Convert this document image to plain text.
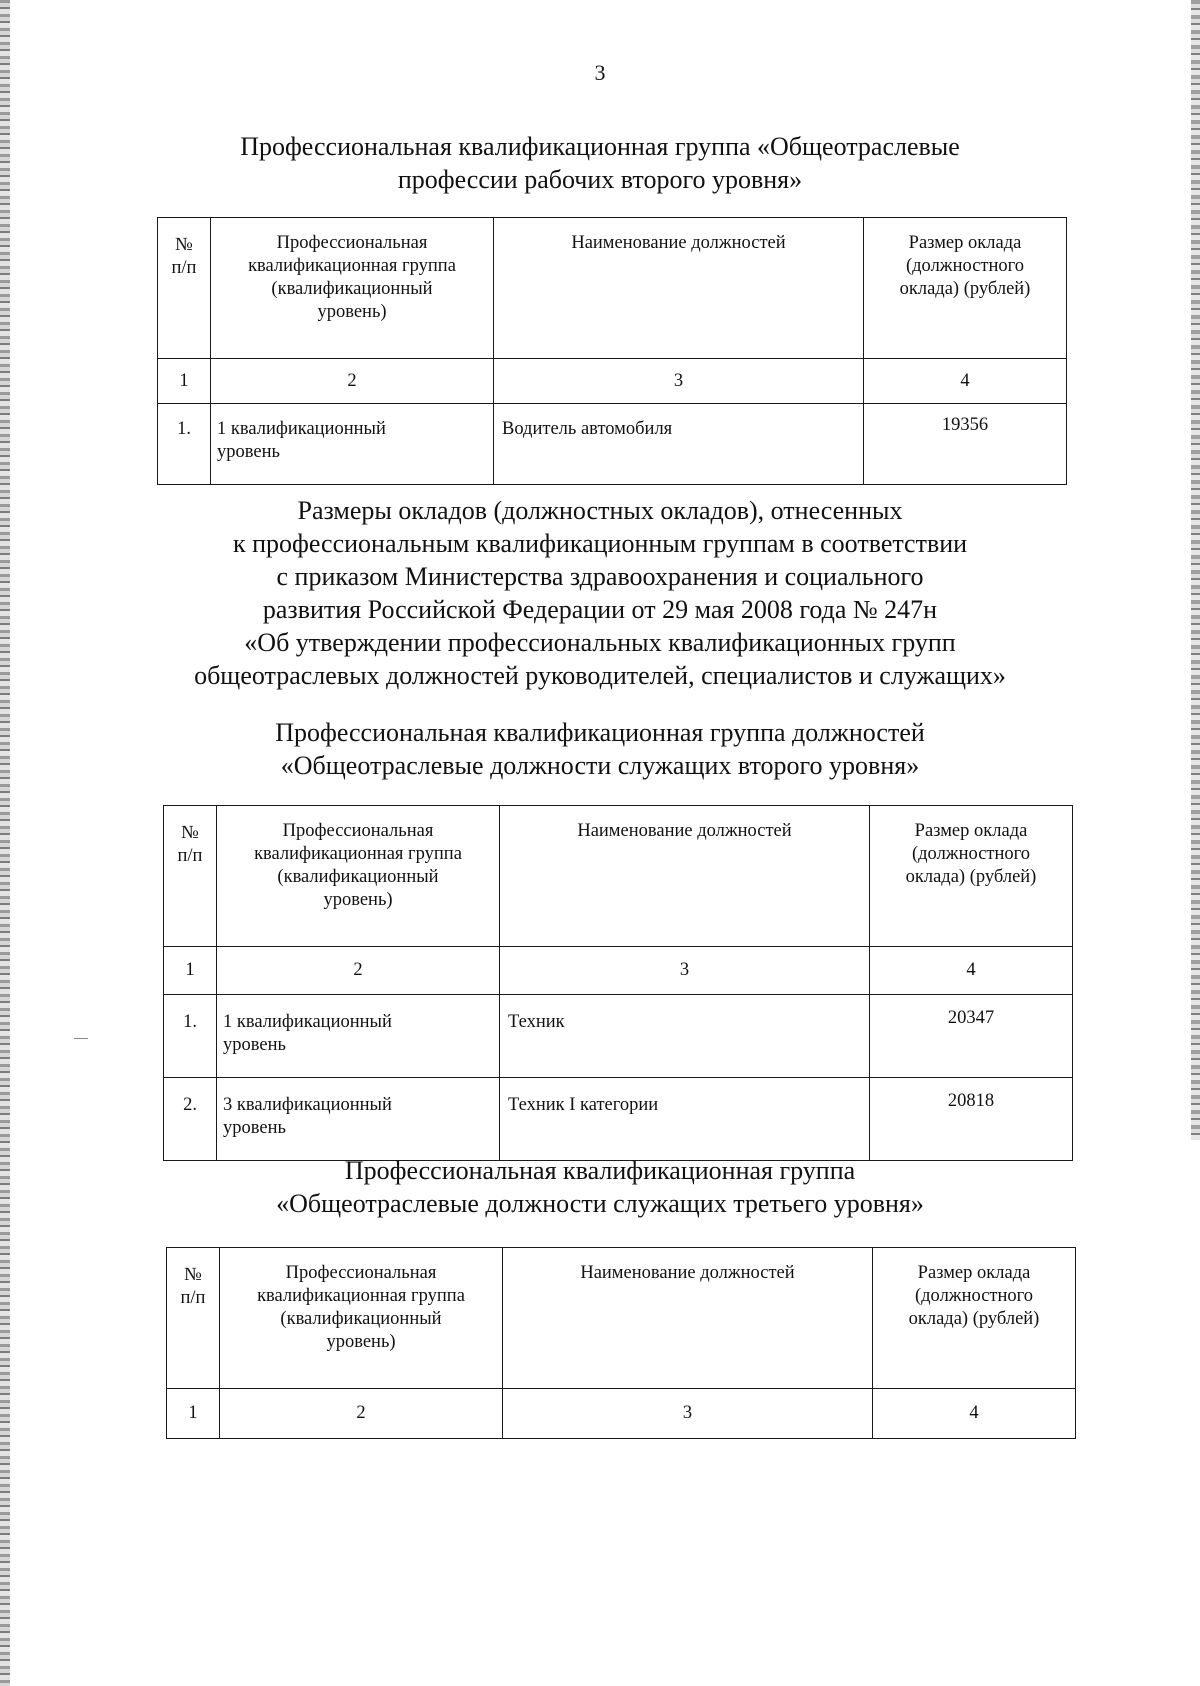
3
Профессиональная квалификационная группа «Общеотраслевые
профессии рабочих второго уровня»
№
п/п	Профессиональная
квалификационная группа
(квалификационный
уровень)	Наименование должностей	Размер оклада
(должностного
оклада) (рублей)
1	2	3	4
1.	1 квалификационный
уровень	Водитель автомобиля	19356
Размеры окладов (должностных окладов), отнесенных
к профессиональным квалификационным группам в соответствии
с приказом Министерства здравоохранения и социального
развития Российской Федерации от 29 мая 2008 года № 247н
«Об утверждении профессиональных квалификационных групп
общеотраслевых должностей руководителей, специалистов и служащих»
Профессиональная квалификационная группа должностей
«Общеотраслевые должности служащих второго уровня»
№
п/п	Профессиональная
квалификационная группа
(квалификационный
уровень)	Наименование должностей	Размер оклада
(должностного
оклада) (рублей)
1	2	3	4
1.	1 квалификационный
уровень	Техник	20347
2.	3 квалификационный
уровень	Техник I категории	20818
Профессиональная квалификационная группа
«Общеотраслевые должности служащих третьего уровня»
№
п/п	Профессиональная
квалификационная группа
(квалификационный
уровень)	Наименование должностей	Размер оклада
(должностного
оклада) (рублей)
1	2	3	4
